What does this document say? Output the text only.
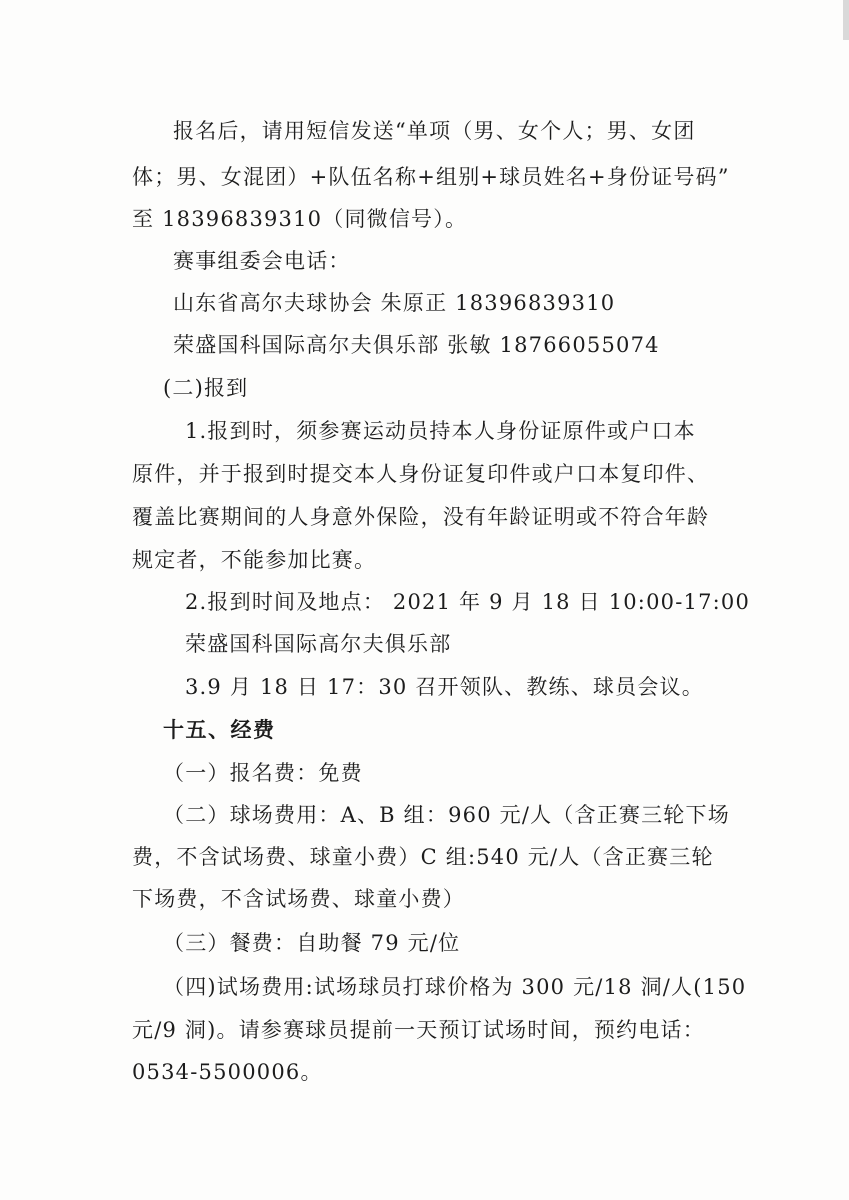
报名后，请用短信发送“单项（男、女个人；男、女团
体；男、女混团）+队伍名称+组别+球员姓名+身份证号码”
至 18396839310（同微信号）。
赛事组委会电话：
山东省高尔夫球协会 朱原正 18396839310
荣盛国科国际高尔夫俱乐部 张敏 18766055074
(二)报到
1.报到时，须参赛运动员持本人身份证原件或户口本
原件，并于报到时提交本人身份证复印件或户口本复印件、
覆盖比赛期间的人身意外保险，没有年龄证明或不符合年龄
规定者，不能参加比赛。
2.报到时间及地点： 2021 年 9 月 18 日 10:00-17:00
荣盛国科国际高尔夫俱乐部
3.9 月 18 日 17：30 召开领队、教练、球员会议。
十五、经费
（一）报名费：免费
（二）球场费用：A、B 组：960 元/人（含正赛三轮下场
费，不含试场费、球童小费）C 组:540 元/人（含正赛三轮
下场费，不含试场费、球童小费）
（三）餐费：自助餐 79 元/位
（四)试场费用:试场球员打球价格为 300 元/18 洞/人(150
元/9 洞)。请参赛球员提前一天预订试场时间，预约电话：
0534-5500006。
